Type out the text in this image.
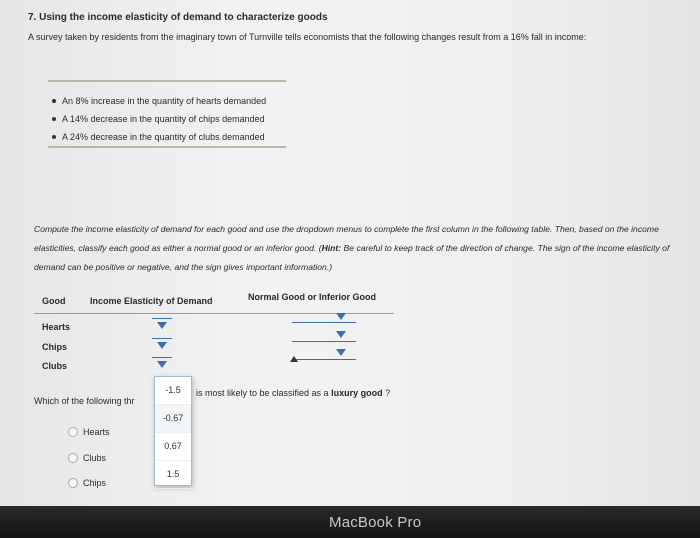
7. Using the income elasticity of demand to characterize goods
A survey taken by residents from the imaginary town of Turnville tells economists that the following changes result from a 16% fall in income:
An 8% increase in the quantity of hearts demanded
A 14% decrease in the quantity of chips demanded
A 24% decrease in the quantity of clubs demanded
Compute the income elasticity of demand for each good and use the dropdown menus to complete the first column in the following table. Then, based on the income elasticities, classify each good as either a normal good or an inferior good. (Hint: Be careful to keep track of the direction of change. The sign of the income elasticity of demand can be positive or negative, and the sign gives important information.)
Good	Income Elasticity of Demand	Normal Good or Inferior Good
Hearts
Chips
Clubs
Which of the following thr
is most likely to be classified as a luxury good ?
Hearts
Clubs
Chips
-1.5
-0.67
0.67
1.5
MacBook Pro
